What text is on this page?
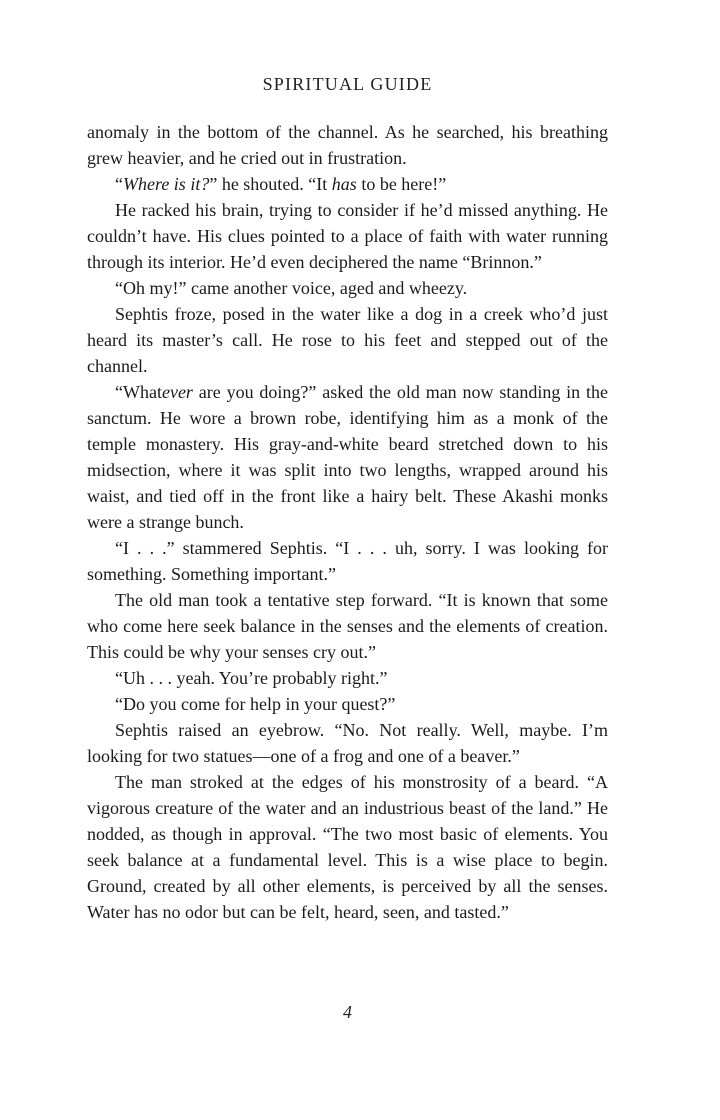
SPIRITUAL GUIDE

anomaly in the bottom of the channel. As he searched, his breathing grew heavier, and he cried out in frustration.

“Where is it?” he shouted. “It has to be here!”

He racked his brain, trying to consider if he’d missed anything. He couldn’t have. His clues pointed to a place of faith with water running through its interior. He’d even deciphered the name “Brinnon.”

“Oh my!” came another voice, aged and wheezy.

Sephtis froze, posed in the water like a dog in a creek who’d just heard its master’s call. He rose to his feet and stepped out of the channel.

“Whatever are you doing?” asked the old man now standing in the sanctum. He wore a brown robe, identifying him as a monk of the temple monastery. His gray-and-white beard stretched down to his midsection, where it was split into two lengths, wrapped around his waist, and tied off in the front like a hairy belt. These Akashi monks were a strange bunch.

“I . . .” stammered Sephtis. “I . . . uh, sorry. I was looking for something. Something important.”

The old man took a tentative step forward. “It is known that some who come here seek balance in the senses and the elements of creation. This could be why your senses cry out.”

“Uh . . . yeah. You’re probably right.”

“Do you come for help in your quest?”

Sephtis raised an eyebrow. “No. Not really. Well, maybe. I’m looking for two statues—one of a frog and one of a beaver.”

The man stroked at the edges of his monstrosity of a beard. “A vigorous creature of the water and an industrious beast of the land.” He nodded, as though in approval. “The two most basic of elements. You seek balance at a fundamental level. This is a wise place to begin. Ground, created by all other elements, is perceived by all the senses. Water has no odor but can be felt, heard, seen, and tasted.”

4
